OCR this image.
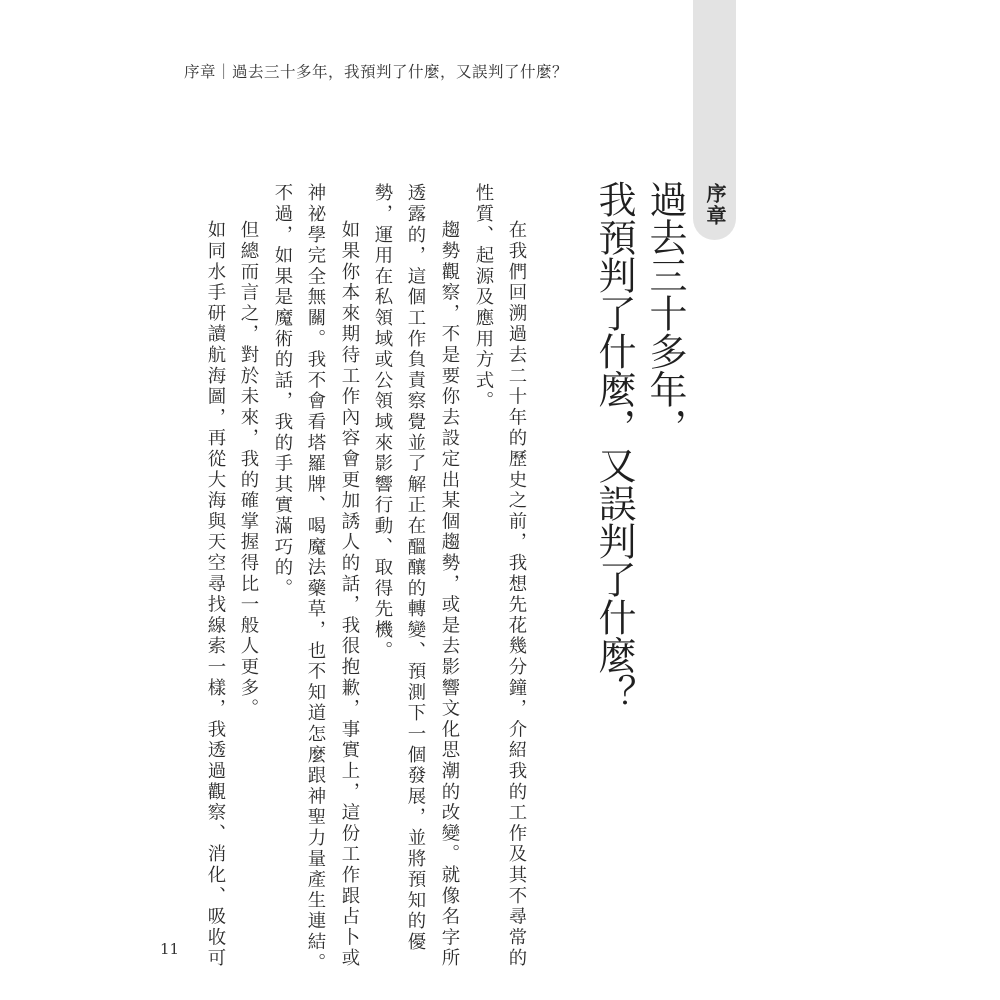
序章｜過去三十多年，我預判了什麼，又誤判了什麼？
序章
過去三十多年，
我預判了什麼，又誤判了什麼？
在我們回溯過去二十年的歷史之前，我想先花幾分鐘，介紹我的工作及其不尋常的
性質、起源及應用方式。
趨勢觀察，不是要你去設定出某個趨勢，或是去影響文化思潮的改變。就像名字所
透露的，這個工作負責察覺並了解正在醞釀的轉變、預測下一個發展，並將預知的優
勢，運用在私領域或公領域來影響行動、取得先機。
如果你本來期待工作內容會更加誘人的話，我很抱歉，事實上，這份工作跟占卜或
神祕學完全無關。我不會看塔羅牌、喝魔法藥草，也不知道怎麼跟神聖力量產生連結。
不過，如果是魔術的話，我的手其實滿巧的。
但總而言之，對於未來，我的確掌握得比一般人更多。
如同水手研讀航海圖，再從大海與天空尋找線索一樣，我透過觀察、消化、吸收可
11
